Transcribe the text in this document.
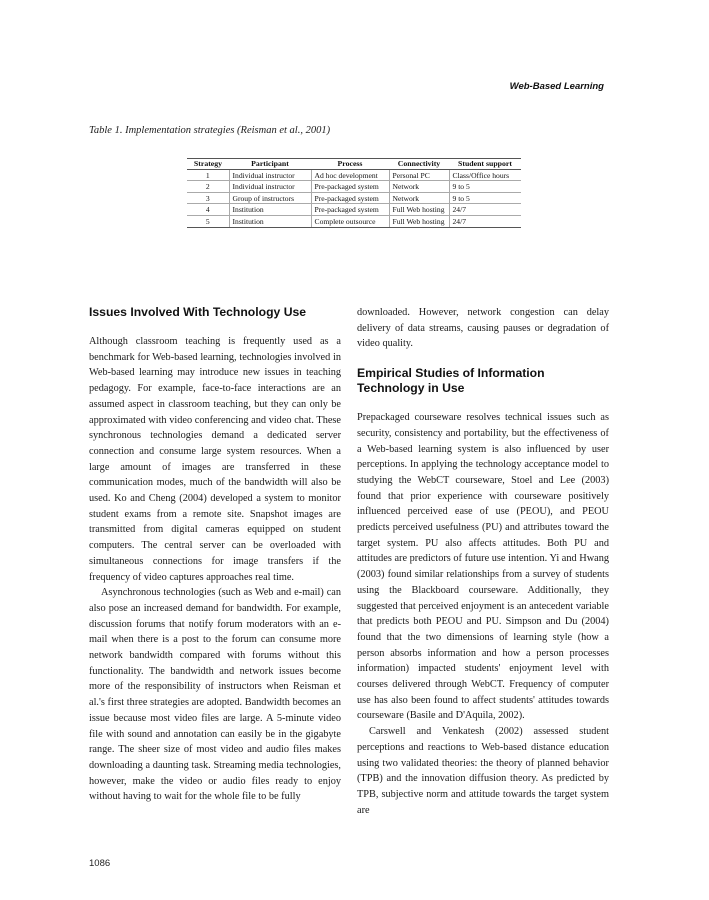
Web-Based Learning
Table 1. Implementation strategies (Reisman et al., 2001)
Strategy	Participant	Process	Connectivity	Student support
1	Individual instructor	Ad hoc development	Personal PC	Class/Office hours
2	Individual instructor	Pre-packaged system	Network	9 to 5
3	Group of instructors	Pre-packaged system	Network	9 to 5
4	Institution	Pre-packaged system	Full Web hosting	24/7
5	Institution	Complete outsource	Full Web hosting	24/7
Issues Involved With Technology Use

Although classroom teaching is frequently used as a benchmark for Web-based learning, technologies involved in Web-based learning may introduce new issues in teaching pedagogy. For example, face-to-face interactions are an assumed aspect in classroom teaching, but they can only be approximated with video conferencing and video chat. These synchronous technologies demand a dedicated server connection and consume large system resources. When a large amount of images are transferred in these communication modes, much of the bandwidth will also be used. Ko and Cheng (2004) developed a system to monitor student exams from a remote site. Snapshot images are transmitted from digital cameras equipped on student computers. The central server can be overloaded with simultaneous connections for image transfers if the frequency of video captures approaches real time.

Asynchronous technologies (such as Web and e-mail) can also pose an increased demand for bandwidth. For example, discussion forums that notify forum moderators with an e-mail when there is a post to the forum can consume more network bandwidth compared with forums without this functionality. The bandwidth and network issues become more of the responsibility of instructors when Reisman et al.'s first three strategies are adopted. Bandwidth becomes an issue because most video files are large. A 5-minute video file with sound and annotation can easily be in the gigabyte range. The sheer size of most video and audio files makes downloading a daunting task. Streaming media technologies, however, make the video or audio files ready to enjoy without having to wait for the whole file to be fully

downloaded. However, network congestion can delay delivery of data streams, causing pauses or degradation of video quality.

Empirical Studies of Information Technology in Use

Prepackaged courseware resolves technical issues such as security, consistency and portability, but the effectiveness of a Web-based learning system is also influenced by user perceptions. In applying the technology acceptance model to studying the WebCT courseware, Stoel and Lee (2003) found that prior experience with courseware positively influenced perceived ease of use (PEOU), and PEOU predicts perceived usefulness (PU) and attributes toward the target system. PU also affects attitudes. Both PU and attitudes are predictors of future use intention. Yi and Hwang (2003) found similar relationships from a survey of students using the Blackboard courseware. Additionally, they suggested that perceived enjoyment is an antecedent variable that predicts both PEOU and PU. Simpson and Du (2004) found that the two dimensions of learning style (how a person absorbs information and how a person processes information) impacted students' enjoyment level with courses delivered through WebCT. Frequency of computer use has also been found to affect students' attitudes towards courseware (Basile and D'Aquila, 2002).

Carswell and Venkatesh (2002) assessed student perceptions and reactions to Web-based distance education using two validated theories: the theory of planned behavior (TPB) and the innovation diffusion theory. As predicted by TPB, subjective norm and attitude towards the target system are

1086
